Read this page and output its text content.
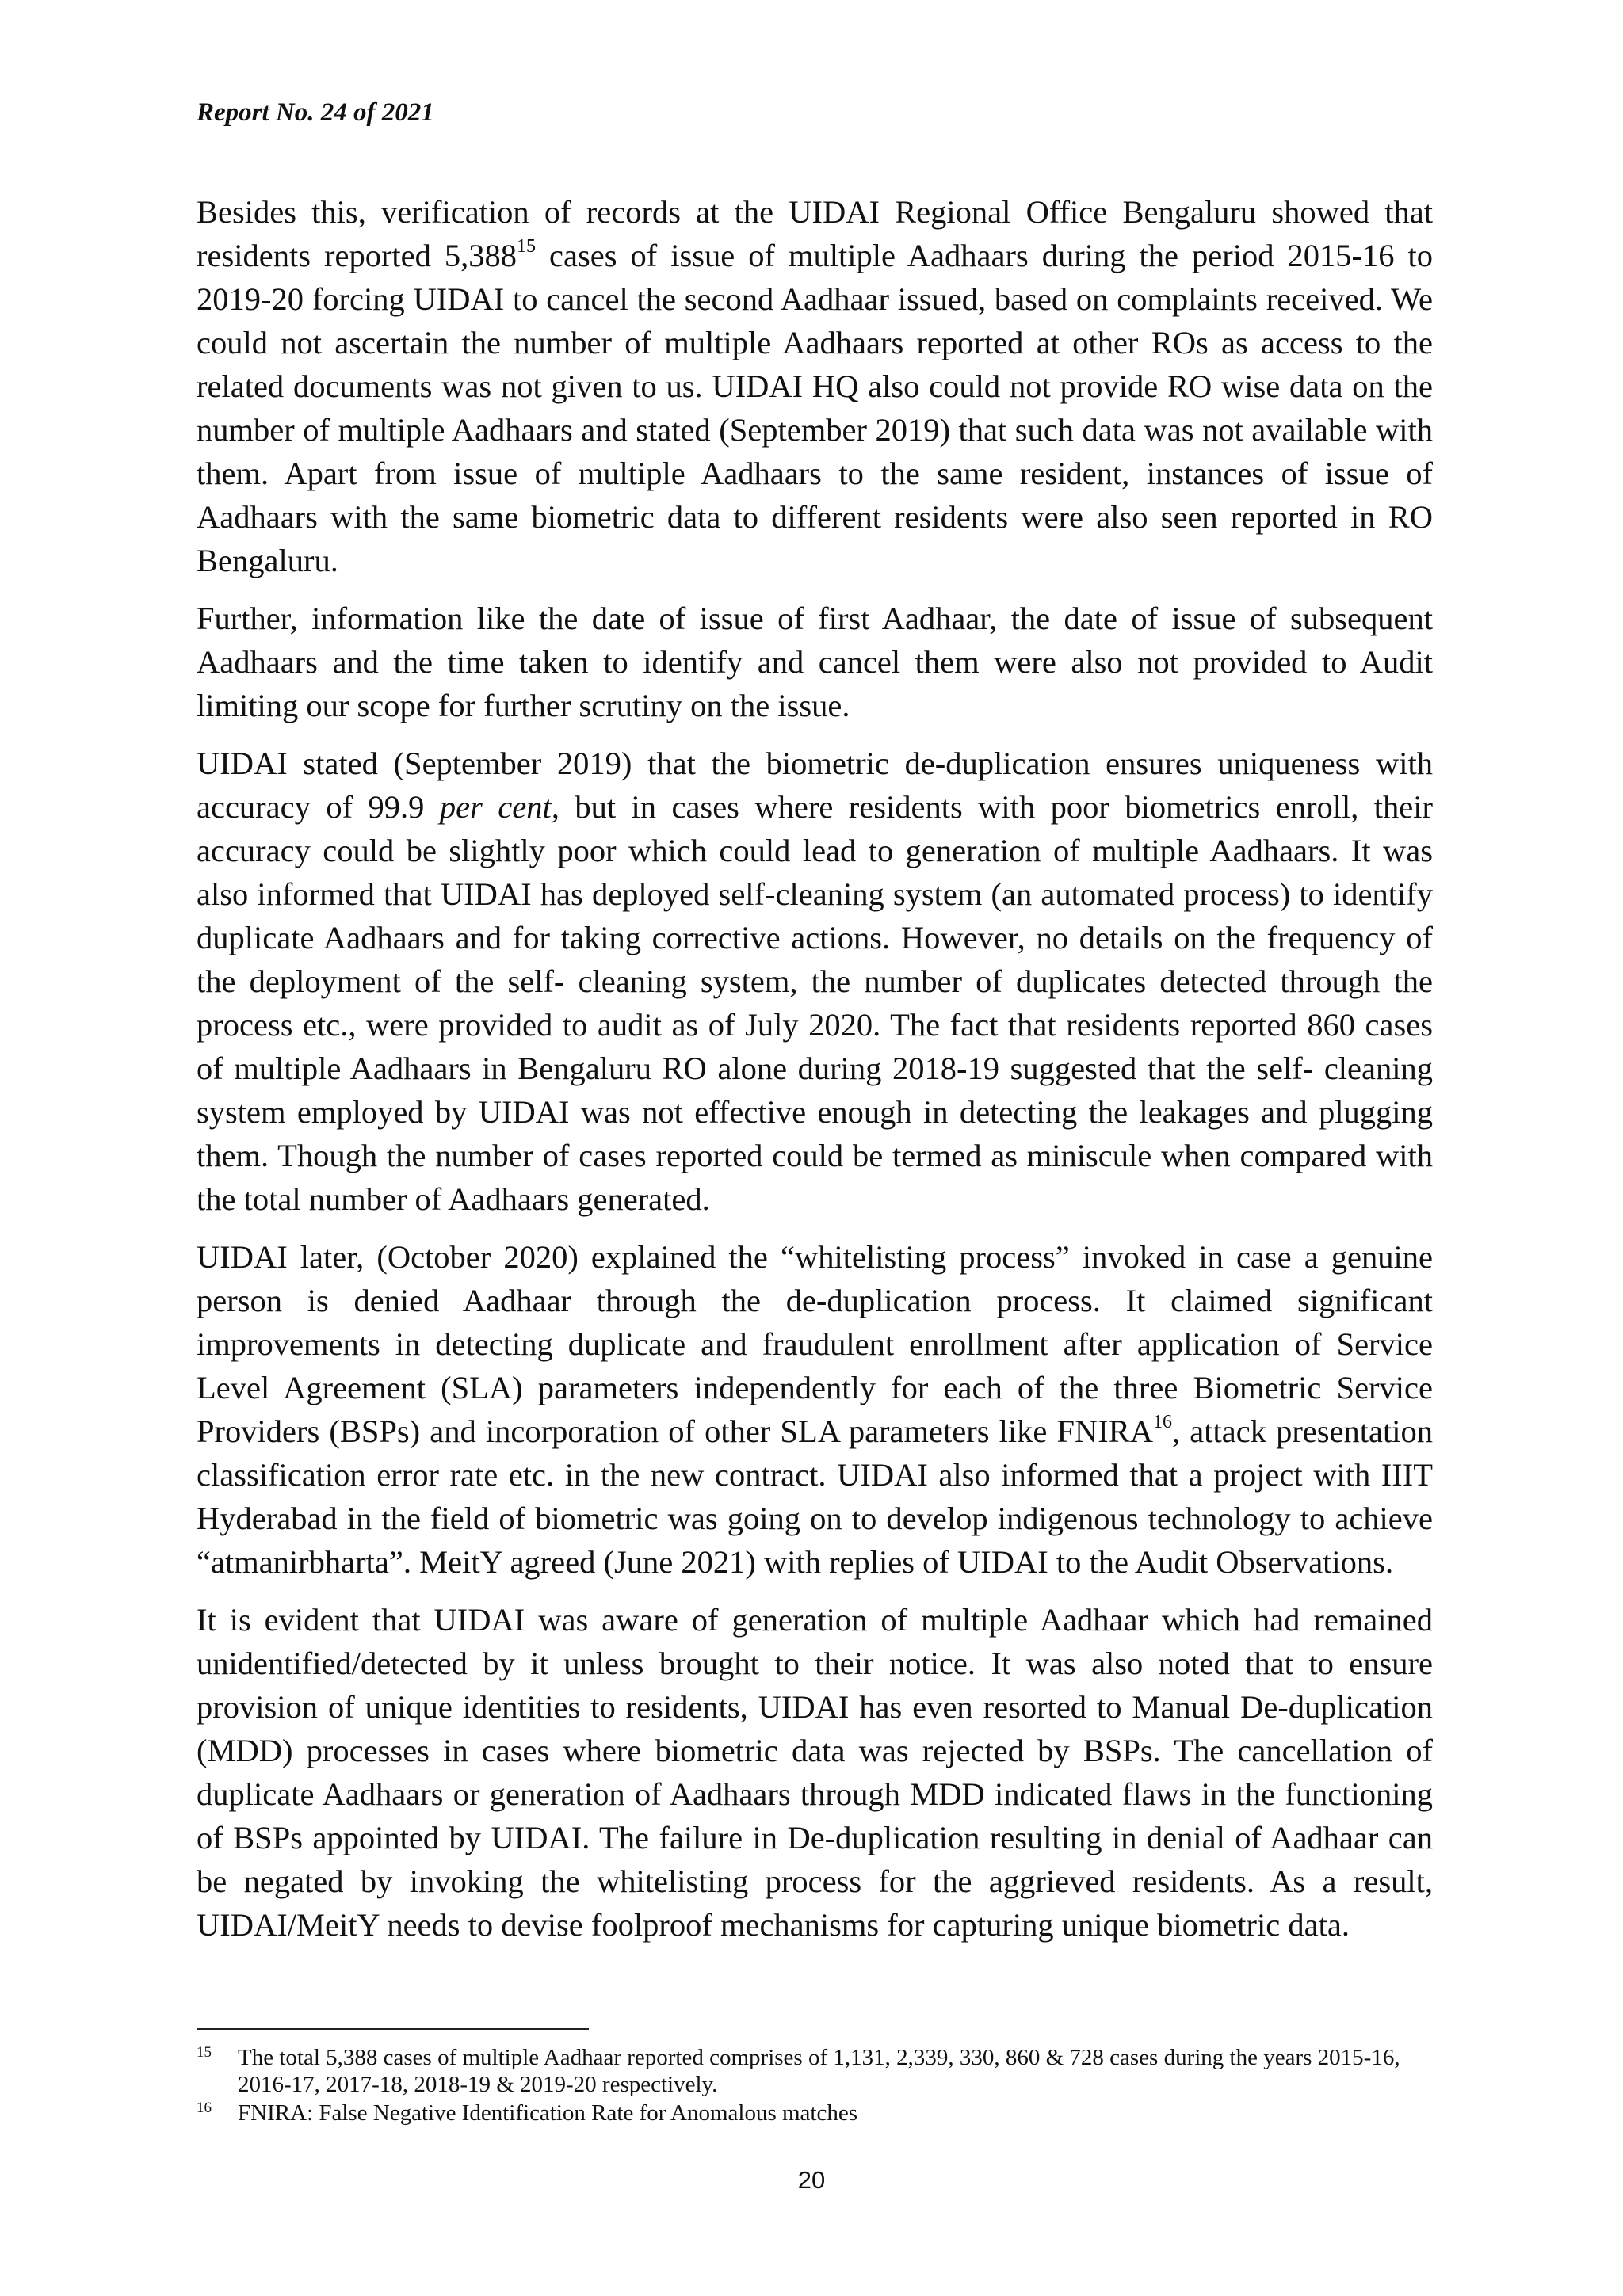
Report No. 24 of 2021

Besides this, verification of records at the UIDAI Regional Office Bengaluru showed that residents reported 5,388$^{15}$ cases of issue of multiple Aadhaars during the period 2015-16 to 2019-20 forcing UIDAI to cancel the second Aadhaar issued, based on complaints received. We could not ascertain the number of multiple Aadhaars reported at other ROs as access to the related documents was not given to us. UIDAI HQ also could not provide RO wise data on the number of multiple Aadhaars and stated (September 2019) that such data was not available with them. Apart from issue of multiple Aadhaars to the same resident, instances of issue of Aadhaars with the same biometric data to different residents were also seen reported in RO Bengaluru.

Further, information like the date of issue of first Aadhaar, the date of issue of subsequent Aadhaars and the time taken to identify and cancel them were also not provided to Audit limiting our scope for further scrutiny on the issue.

UIDAI stated (September 2019) that the biometric de-duplication ensures uniqueness with accuracy of 99.9 per cent, but in cases where residents with poor biometrics enroll, their accuracy could be slightly poor which could lead to generation of multiple Aadhaars. It was also informed that UIDAI has deployed self-cleaning system (an automated process) to identify duplicate Aadhaars and for taking corrective actions. However, no details on the frequency of the deployment of the self- cleaning system, the number of duplicates detected through the process etc., were provided to audit as of July 2020. The fact that residents reported 860 cases of multiple Aadhaars in Bengaluru RO alone during 2018-19 suggested that the self- cleaning system employed by UIDAI was not effective enough in detecting the leakages and plugging them. Though the number of cases reported could be termed as miniscule when compared with the total number of Aadhaars generated.

UIDAI later, (October 2020) explained the “whitelisting process” invoked in case a genuine person is denied Aadhaar through the de-duplication process. It claimed significant improvements in detecting duplicate and fraudulent enrollment after application of Service Level Agreement (SLA) parameters independently for each of the three Biometric Service Providers (BSPs) and incorporation of other SLA parameters like FNIRA$^{16}$, attack presentation classification error rate etc. in the new contract. UIDAI also informed that a project with IIIT Hyderabad in the field of biometric was going on to develop indigenous technology to achieve “atmanirbharta”. MeitY agreed (June 2021) with replies of UIDAI to the Audit Observations.

It is evident that UIDAI was aware of generation of multiple Aadhaar which had remained unidentified/detected by it unless brought to their notice. It was also noted that to ensure provision of unique identities to residents, UIDAI has even resorted to Manual De-duplication (MDD) processes in cases where biometric data was rejected by BSPs. The cancellation of duplicate Aadhaars or generation of Aadhaars through MDD indicated flaws in the functioning of BSPs appointed by UIDAI. The failure in De-duplication resulting in denial of Aadhaar can be negated by invoking the whitelisting process for the aggrieved residents. As a result, UIDAI/MeitY needs to devise foolproof mechanisms for capturing unique biometric data.

15	The total 5,388 cases of multiple Aadhaar reported comprises of 1,131, 2,339, 330, 860 & 728 cases during the years 2015-16, 2016-17, 2017-18, 2018-19 & 2019-20 respectively.
16	FNIRA: False Negative Identification Rate for Anomalous matches
20
